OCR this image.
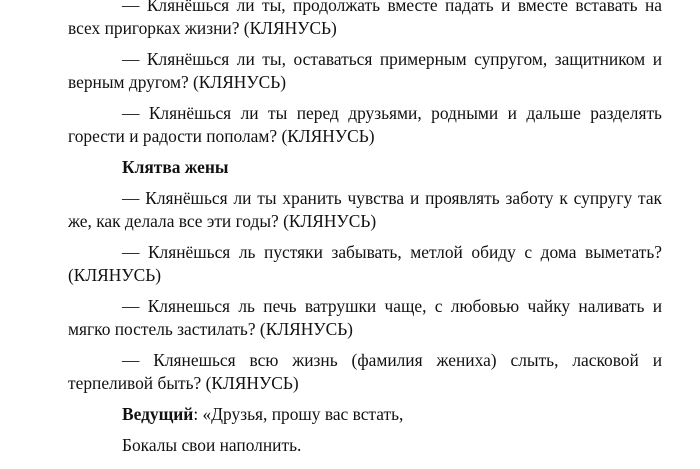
— Клянёшься ли ты, продолжать вместе падать и вместе вставать на всех пригорках жизни? (КЛЯНУСЬ)

— Клянёшься ли ты, оставаться примерным супругом, защитником и верным другом? (КЛЯНУСЬ)

— Клянёшься ли ты перед друзьями, родными и дальше разделять горести и радости пополам? (КЛЯНУСЬ)

Клятва жены

— Клянёшься ли ты хранить чувства и проявлять заботу к супругу так же, как делала все эти годы? (КЛЯНУСЬ)

— Клянёшься ль пустяки забывать, метлой обиду с дома выметать? (КЛЯНУСЬ)

— Клянешься ль печь ватрушки чаще, с любовью чайку наливать и мягко постель застилать? (КЛЯНУСЬ)

— Клянешься всю жизнь (фамилия жениха) слыть, ласковой и терпеливой быть? (КЛЯНУСЬ)

Ведущий: «Друзья, прошу вас встать,

Бокалы свои наполнить.
